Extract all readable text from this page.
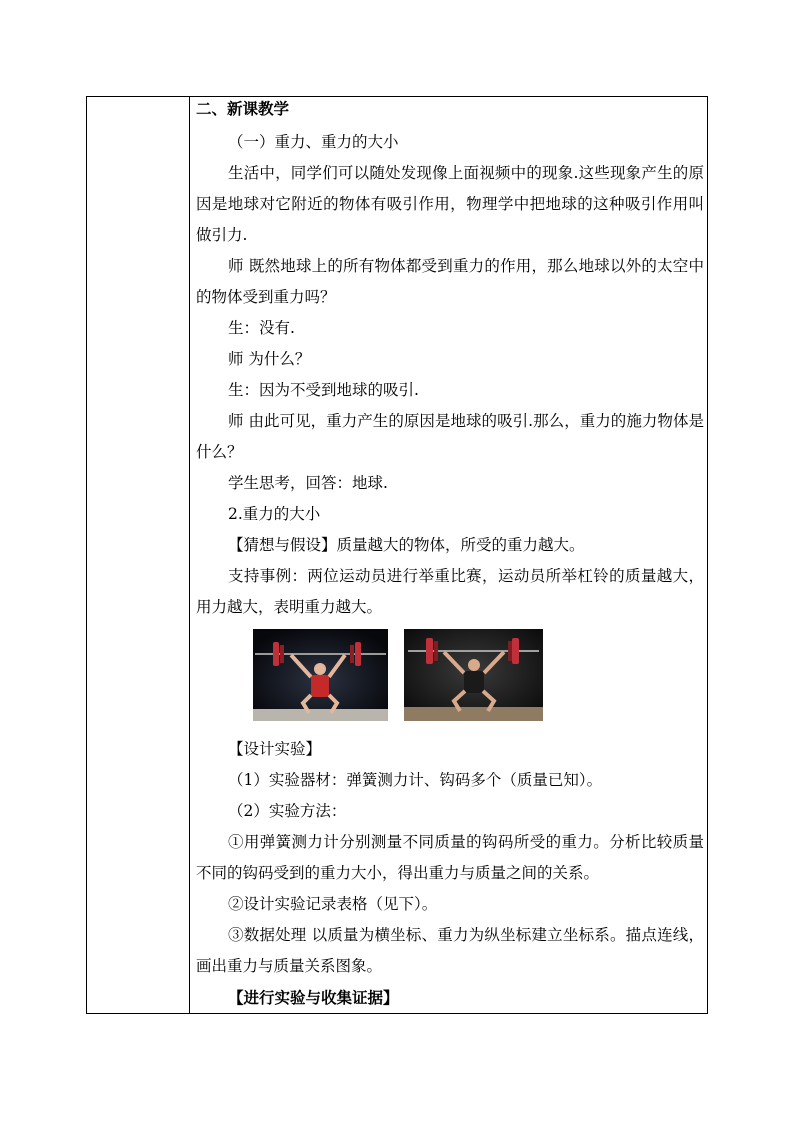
二、新课教学

（一）重力、重力的大小

生活中，同学们可以随处发现像上面视频中的现象.这些现象产生的原因是地球对它附近的物体有吸引作用，物理学中把地球的这种吸引作用叫做引力.

师 既然地球上的所有物体都受到重力的作用，那么地球以外的太空中的物体受到重力吗？

生：没有.

师 为什么？

生：因为不受到地球的吸引.

师 由此可见，重力产生的原因是地球的吸引.那么，重力的施力物体是什么？

学生思考，回答：地球.

2.重力的大小

【猜想与假设】质量越大的物体，所受的重力越大。

支持事例：两位运动员进行举重比赛，运动员所举杠铃的质量越大，用力越大，表明重力越大。

【设计实验】

（1）实验器材：弹簧测力计、钩码多个（质量已知）。

（2）实验方法：

①用弹簧测力计分别测量不同质量的钩码所受的重力。分析比较质量不同的钩码受到的重力大小，得出重力与质量之间的关系。

②设计实验记录表格（见下）。

③数据处理 以质量为横坐标、重力为纵坐标建立坐标系。描点连线，画出重力与质量关系图象。

【进行实验与收集证据】
